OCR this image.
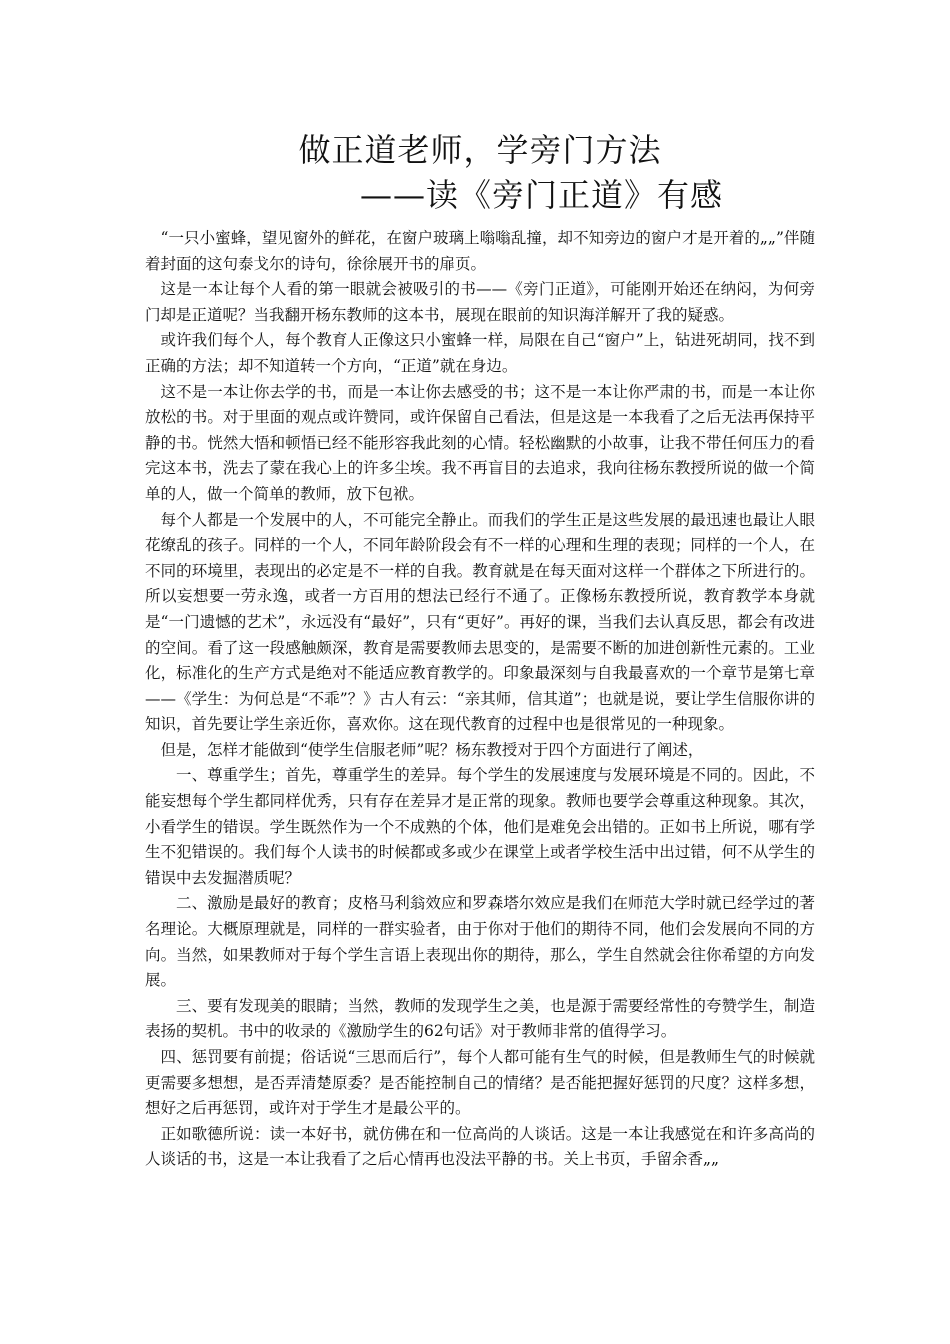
做正道老师，学旁门方法
——读《旁门正道》有感

“一只小蜜蜂，望见窗外的鲜花，在窗户玻璃上嗡嗡乱撞，却不知旁边的窗户才是开着的„„”伴随着封面的这句泰戈尔的诗句，徐徐展开书的扉页。

这是一本让每个人看的第一眼就会被吸引的书——《旁门正道》，可能刚开始还在纳闷，为何旁门却是正道呢？当我翻开杨东教师的这本书，展现在眼前的知识海洋解开了我的疑惑。

或许我们每个人，每个教育人正像这只小蜜蜂一样，局限在自己“窗户”上，钻进死胡同，找不到正确的方法；却不知道转一个方向，“正道”就在身边。

这不是一本让你去学的书，而是一本让你去感受的书；这不是一本让你严肃的书，而是一本让你放松的书。对于里面的观点或许赞同，或许保留自己看法，但是这是一本我看了之后无法再保持平静的书。恍然大悟和顿悟已经不能形容我此刻的心情。轻松幽默的小故事，让我不带任何压力的看完这本书，洗去了蒙在我心上的许多尘埃。我不再盲目的去追求，我向往杨东教授所说的做一个简单的人，做一个简单的教师，放下包袱。

每个人都是一个发展中的人，不可能完全静止。而我们的学生正是这些发展的最迅速也最让人眼花缭乱的孩子。同样的一个人，不同年龄阶段会有不一样的心理和生理的表现；同样的一个人，在不同的环境里，表现出的必定是不一样的自我。教育就是在每天面对这样一个群体之下所进行的。所以妄想要一劳永逸，或者一方百用的想法已经行不通了。正像杨东教授所说，教育教学本身就是“一门遗憾的艺术”，永远没有“最好”，只有“更好”。再好的课，当我们去认真反思，都会有改进的空间。看了这一段感触颇深，教育是需要教师去思变的，是需要不断的加进创新性元素的。工业化，标准化的生产方式是绝对不能适应教育教学的。印象最深刻与自我最喜欢的一个章节是第七章——《学生：为何总是“不乖”？》古人有云：“亲其师，信其道”；也就是说，要让学生信服你讲的知识，首先要让学生亲近你，喜欢你。这在现代教育的过程中也是很常见的一种现象。

但是，怎样才能做到“使学生信服老师”呢？杨东教授对于四个方面进行了阐述，

一、尊重学生；首先，尊重学生的差异。每个学生的发展速度与发展环境是不同的。因此，不能妄想每个学生都同样优秀，只有存在差异才是正常的现象。教师也要学会尊重这种现象。其次，小看学生的错误。学生既然作为一个不成熟的个体，他们是难免会出错的。正如书上所说，哪有学生不犯错误的。我们每个人读书的时候都或多或少在课堂上或者学校生活中出过错，何不从学生的错误中去发掘潜质呢？

二、激励是最好的教育；皮格马利翁效应和罗森塔尔效应是我们在师范大学时就已经学过的著名理论。大概原理就是，同样的一群实验者，由于你对于他们的期待不同，他们会发展向不同的方向。当然，如果教师对于每个学生言语上表现出你的期待，那么，学生自然就会往你希望的方向发展。

三、要有发现美的眼睛；当然，教师的发现学生之美，也是源于需要经常性的夸赞学生，制造表扬的契机。书中的收录的《激励学生的62句话》对于教师非常的值得学习。

四、惩罚要有前提；俗话说“三思而后行”，每个人都可能有生气的时候，但是教师生气的时候就更需要多想想，是否弄清楚原委？是否能控制自己的情绪？是否能把握好惩罚的尺度？这样多想，想好之后再惩罚，或许对于学生才是最公平的。

正如歌德所说：读一本好书，就仿佛在和一位高尚的人谈话。这是一本让我感觉在和许多高尚的人谈话的书，这是一本让我看了之后心情再也没法平静的书。关上书页，手留余香„„
